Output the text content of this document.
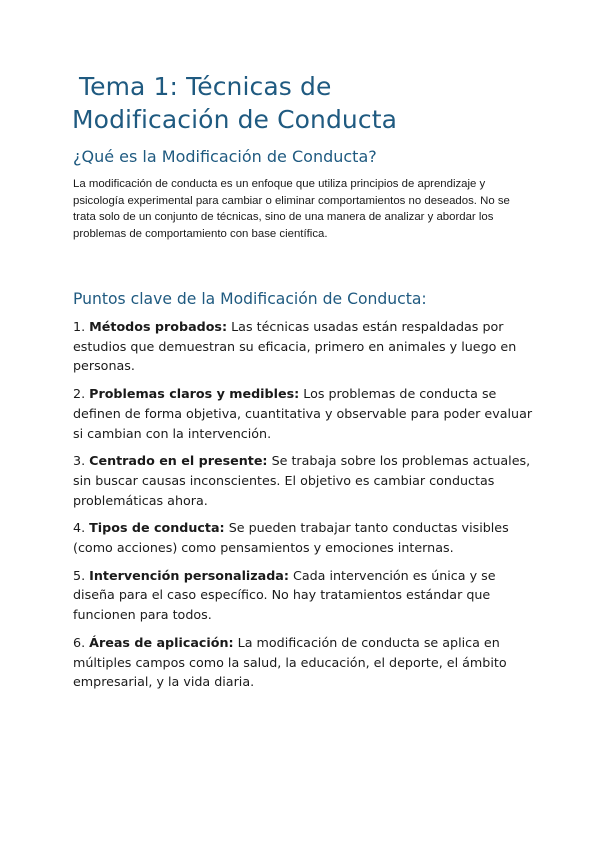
Tema 1: Técnicas de
Modificación de Conducta
¿Qué es la Modificación de Conducta?

La modificación de conducta es un enfoque que utiliza principios de aprendizaje y psicología experimental para cambiar o eliminar comportamientos no deseados. No se trata solo de un conjunto de técnicas, sino de una manera de analizar y abordar los problemas de comportamiento con base científica.

Puntos clave de la Modificación de Conducta:

1. Métodos probados: Las técnicas usadas están respaldadas por estudios que demuestran su eficacia, primero en animales y luego en personas.

2. Problemas claros y medibles: Los problemas de conducta se definen de forma objetiva, cuantitativa y observable para poder evaluar si cambian con la intervención.

3. Centrado en el presente: Se trabaja sobre los problemas actuales, sin buscar causas inconscientes. El objetivo es cambiar conductas problemáticas ahora.

4. Tipos de conducta: Se pueden trabajar tanto conductas visibles (como acciones) como pensamientos y emociones internas.

5. Intervención personalizada: Cada intervención es única y se diseña para el caso específico. No hay tratamientos estándar que funcionen para todos.

6. Áreas de aplicación: La modificación de conducta se aplica en múltiples campos como la salud, la educación, el deporte, el ámbito empresarial, y la vida diaria.
